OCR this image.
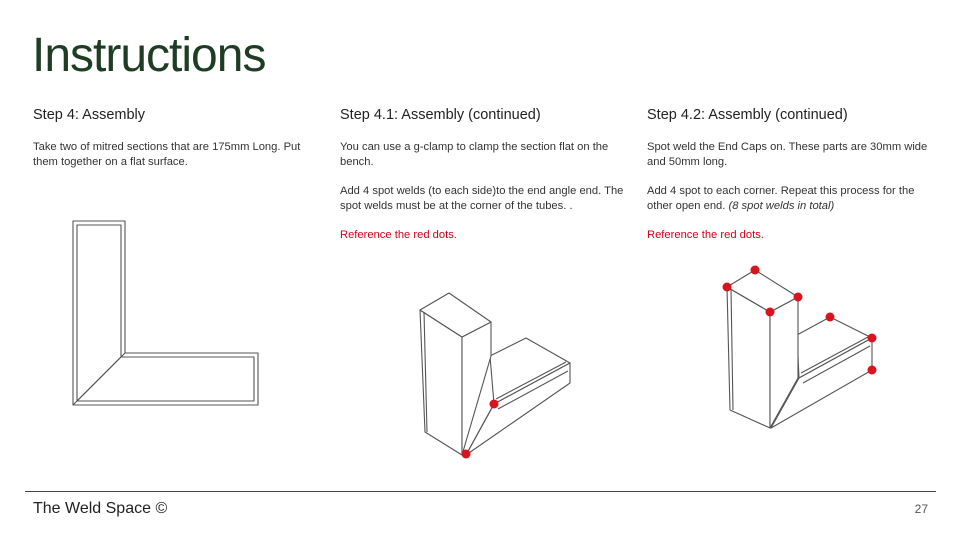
Instructions
Step 4: Assembly

Take two of mitred sections that are 175mm Long. Put them together on a flat surface.

Step 4.1: Assembly (continued)

You can use a g-clamp to clamp the section flat on the bench.

Add 4 spot welds (to each side)to the end angle end. The spot welds must be at the corner of the tubes. .

Reference the red dots.

Step 4.2: Assembly (continued)

Spot weld the End Caps on. These parts are 30mm wide and 50mm long.

Add 4 spot to each corner. Repeat this process for the other open end. (8 spot welds in total)

Reference the red dots.

The Weld Space ©	27
